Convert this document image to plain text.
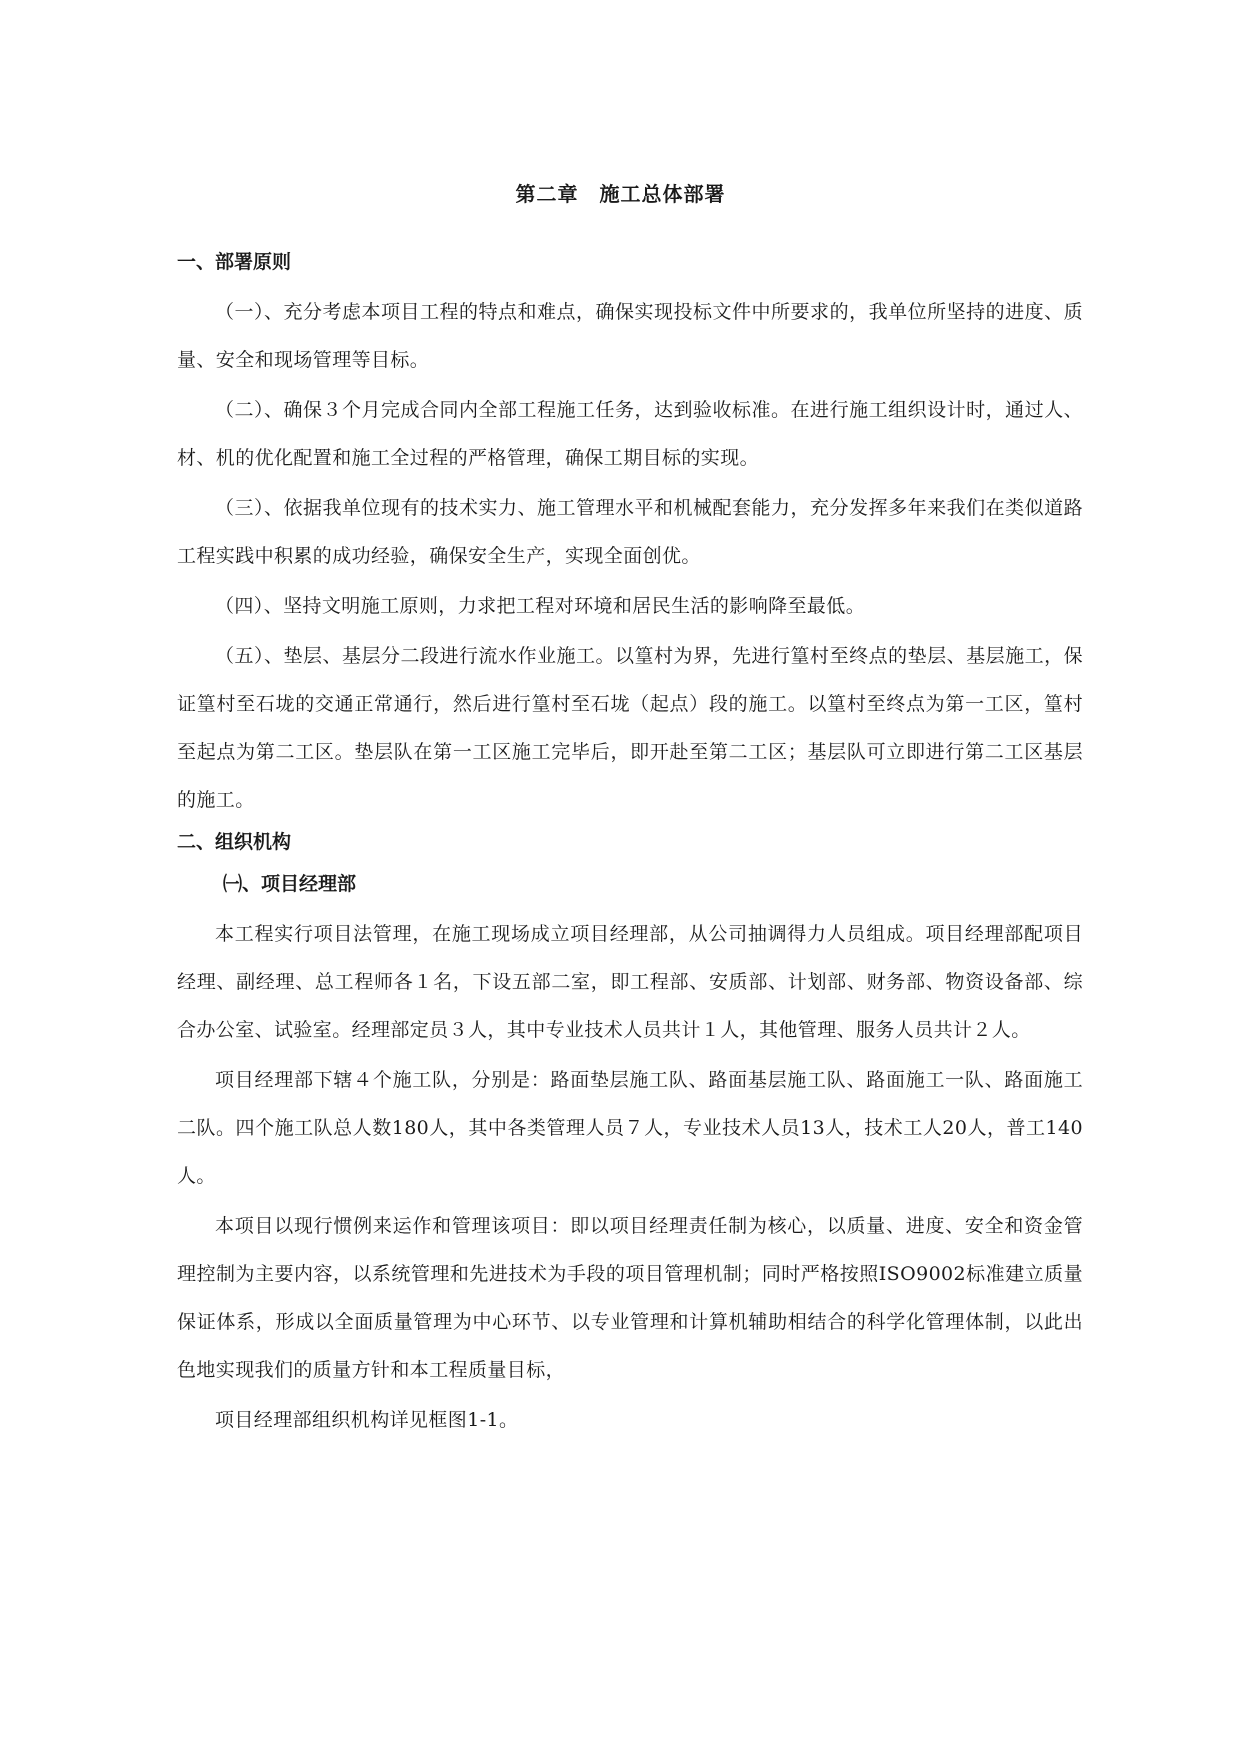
第二章　施工总体部署
一、部署原则

（一）、充分考虑本项目工程的特点和难点，确保实现投标文件中所要求的，我单位所坚持的进度、质量、安全和现场管理等目标。

（二）、确保３个月完成合同内全部工程施工任务，达到验收标准。在进行施工组织设计时，通过人、材、机的优化配置和施工全过程的严格管理，确保工期目标的实现。

（三）、依据我单位现有的技术实力、施工管理水平和机械配套能力，充分发挥多年来我们在类似道路工程实践中积累的成功经验，确保安全生产，实现全面创优。

（四）、坚持文明施工原则，力求把工程对环境和居民生活的影响降至最低。

（五）、垫层、基层分二段进行流水作业施工。以篁村为界，先进行篁村至终点的垫层、基层施工，保证篁村至石垅的交通正常通行，然后进行篁村至石垅（起点）段的施工。以篁村至终点为第一工区，篁村至起点为第二工区。垫层队在第一工区施工完毕后，即开赴至第二工区；基层队可立即进行第二工区基层的施工。

二、组织机构
㈠、项目经理部

本工程实行项目法管理，在施工现场成立项目经理部，从公司抽调得力人员组成。项目经理部配项目经理、副经理、总工程师各１名，下设五部二室，即工程部、安质部、计划部、财务部、物资设备部、综合办公室、试验室。经理部定员３人，其中专业技术人员共计１人，其他管理、服务人员共计２人。

项目经理部下辖４个施工队，分别是：路面垫层施工队、路面基层施工队、路面施工一队、路面施工二队。四个施工队总人数180人，其中各类管理人员７人，专业技术人员13人，技术工人20人，普工140人。

本项目以现行惯例来运作和管理该项目：即以项目经理责任制为核心，以质量、进度、安全和资金管理控制为主要内容，以系统管理和先进技术为手段的项目管理机制；同时严格按照ISO9002标准建立质量保证体系，形成以全面质量管理为中心环节、以专业管理和计算机辅助相结合的科学化管理体制，以此出色地实现我们的质量方针和本工程质量目标，

项目经理部组织机构详见框图1-1。
